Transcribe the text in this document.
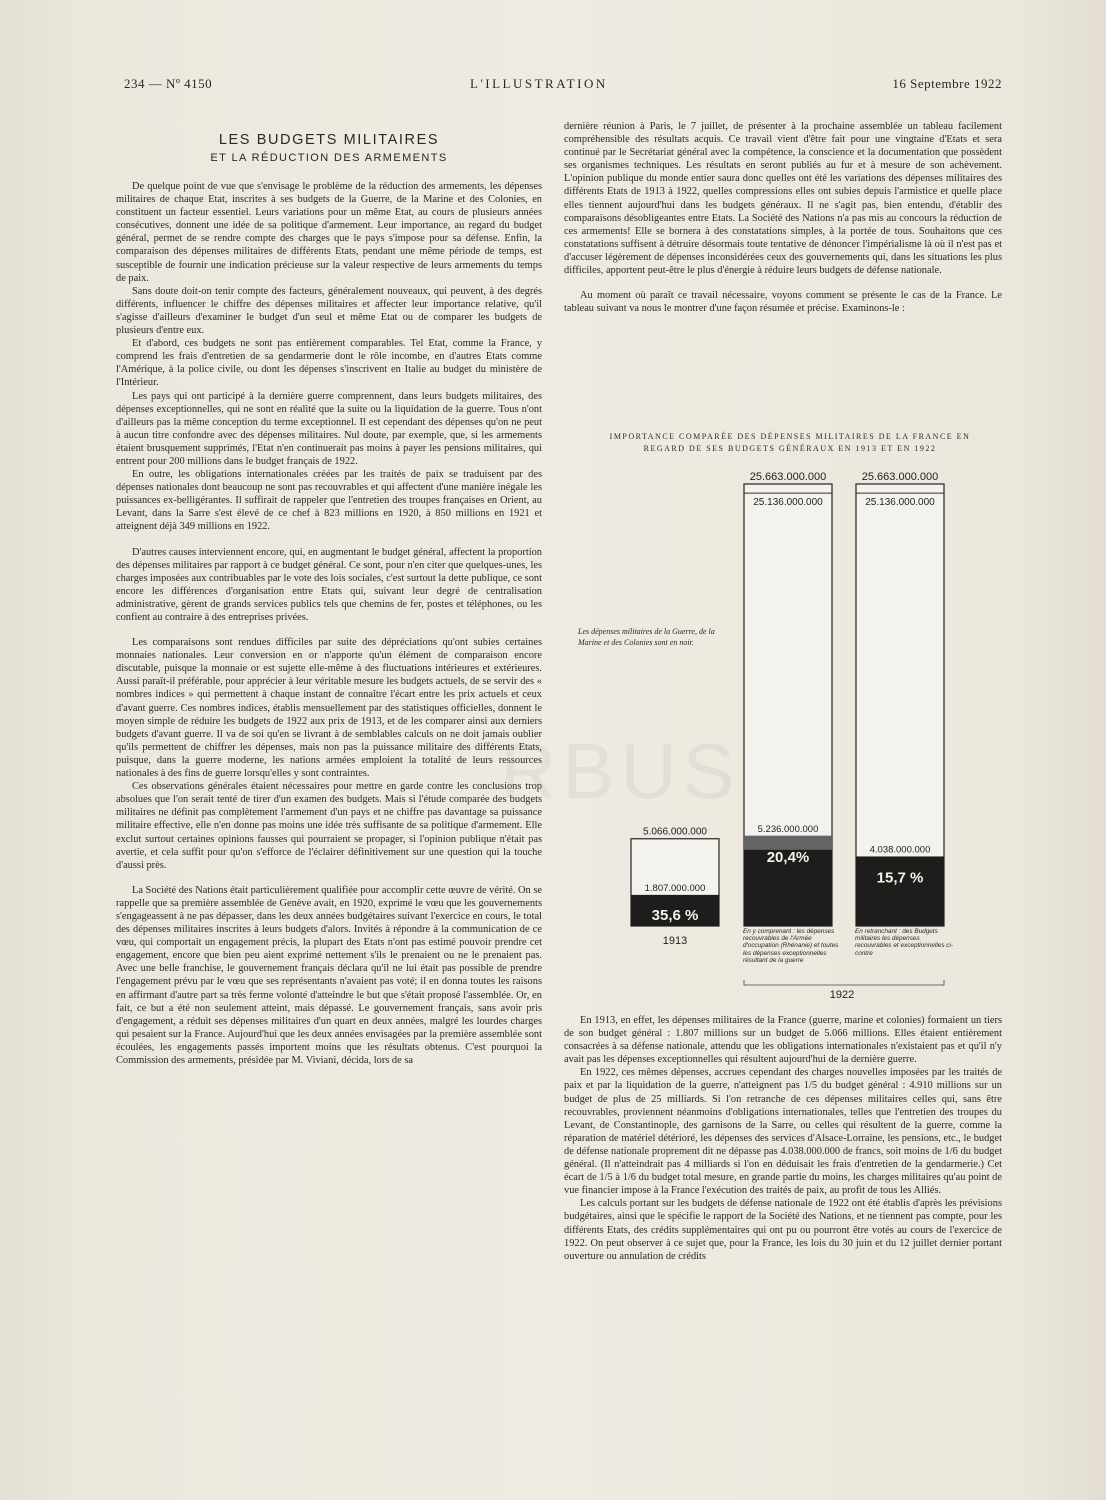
234 — Nº 4150	L'ILLUSTRATION	16 Septembre 1922
LES BUDGETS MILITAIRES
ET LA RÉDUCTION DES ARMEMENTS

De quelque point de vue que s'envisage le problème de la réduction des armements, les dépenses militaires de chaque Etat, inscrites à ses budgets de la Guerre, de la Marine et des Colonies, en constituent un facteur essentiel. Leurs variations pour un même Etat, au cours de plusieurs années consécutives, donnent une idée de sa politique d'armement. Leur importance, au regard du budget général, permet de se rendre compte des charges que le pays s'impose pour sa défense. Enfin, la comparaison des dépenses militaires de différents Etats, pendant une même période de temps, est susceptible de fournir une indication précieuse sur la valeur respective de leurs armements du temps de paix.

Sans doute doit-on tenir compte des facteurs, généralement nouveaux, qui peuvent, à des degrés différents, influencer le chiffre des dépenses militaires et affecter leur importance relative, qu'il s'agisse d'ailleurs d'examiner le budget d'un seul et même Etat ou de comparer les budgets de plusieurs d'entre eux.

Et d'abord, ces budgets ne sont pas entièrement comparables. Tel Etat, comme la France, y comprend les frais d'entretien de sa gendarmerie dont le rôle incombe, en d'autres Etats comme l'Amérique, à la police civile, ou dont les dépenses s'inscrivent en Italie au budget du ministère de l'Intérieur.

Les pays qui ont participé à la dernière guerre comprennent, dans leurs budgets militaires, des dépenses exceptionnelles, qui ne sont en réalité que la suite ou la liquidation de la guerre. Tous n'ont d'ailleurs pas la même conception du terme exceptionnel. Il est cependant des dépenses qu'on ne peut à aucun titre confondre avec des dépenses militaires. Nul doute, par exemple, que, si les armements étaient brusquement supprimés, l'Etat n'en continuerait pas moins à payer les pensions militaires, qui entrent pour 200 millions dans le budget français de 1922.

En outre, les obligations internationales créées par les traités de paix se traduisent par des dépenses nationales dont beaucoup ne sont pas recouvrables et qui affectent d'une manière inégale les puissances ex-belligérantes. Il suffirait de rappeler que l'entretien des troupes françaises en Orient, au Levant, dans la Sarre s'est élevé de ce chef à 823 millions en 1920, à 850 millions en 1921 et atteignent déjà 349 millions en 1922.

D'autres causes interviennent encore, qui, en augmentant le budget général, affectent la proportion des dépenses militaires par rapport à ce budget général. Ce sont, pour n'en citer que quelques-unes, les charges imposées aux contribuables par le vote des lois sociales, c'est surtout la dette publique, ce sont encore les différences d'organisation entre Etats qui, suivant leur degré de centralisation administrative, gèrent de grands services publics tels que chemins de fer, postes et téléphones, ou les confient au contraire à des entreprises privées.

Les comparaisons sont rendues difficiles par suite des dépréciations qu'ont subies certaines monnaies nationales. Leur conversion en or n'apporte qu'un élément de comparaison encore discutable, puisque la monnaie or est sujette elle-même à des fluctuations intérieures et extérieures. Aussi paraît-il préférable, pour apprécier à leur véritable mesure les budgets actuels, de se servir des « nombres indices » qui permettent à chaque instant de connaître l'écart entre les prix actuels et ceux d'avant guerre. Ces nombres indices, établis mensuellement par des statistiques officielles, donnent le moyen simple de réduire les budgets de 1922 aux prix de 1913, et de les comparer ainsi aux derniers budgets d'avant guerre. Il va de soi qu'en se livrant à de semblables calculs on ne doit jamais oublier qu'ils permettent de chiffrer les dépenses, mais non pas la puissance militaire des différents Etats, puisque, dans la guerre moderne, les nations armées emploient la totalité de leurs ressources nationales à des fins de guerre lorsqu'elles y sont contraintes.

Ces observations générales étaient nécessaires pour mettre en garde contre les conclusions trop absolues que l'on serait tenté de tirer d'un examen des budgets. Mais si l'étude comparée des budgets militaires ne définit pas complètement l'armement d'un pays et ne chiffre pas davantage sa puissance militaire effective, elle n'en donne pas moins une idée très suffisante de sa politique d'armement. Elle exclut surtout certaines opinions fausses qui pourraient se propager, si l'opinion publique n'était pas avertie, et cela suffit pour qu'on s'efforce de l'éclairer définitivement sur une question qui la touche d'aussi près.

La Société des Nations était particulièrement qualifiée pour accomplir cette œuvre de vérité. On se rappelle que sa première assemblée de Genève avait, en 1920, exprimé le vœu que les gouvernements s'engageassent à ne pas dépasser, dans les deux années budgétaires suivant l'exercice en cours, le total des dépenses militaires inscrites à leurs budgets d'alors. Invités à répondre à la communication de ce vœu, qui comportait un engagement précis, la plupart des Etats n'ont pas estimé pouvoir prendre cet engagement, encore que bien peu aient exprimé nettement s'ils le prenaient ou ne le prenaient pas. Avec une belle franchise, le gouvernement français déclara qu'il ne lui était pas possible de prendre l'engagement prévu par le vœu que ses représentants n'avaient pas voté; il en donna toutes les raisons en affirmant d'autre part sa très ferme volonté d'atteindre le but que s'était proposé l'assemblée. Or, en fait, ce but a été non seulement atteint, mais dépassé. Le gouvernement français, sans avoir pris d'engagement, a réduit ses dépenses militaires d'un quart en deux années, malgré les lourdes charges qui pesaient sur la France. Aujourd'hui que les deux années envisagées par la première assemblée sont écoulées, les engagements passés importent moins que les résultats obtenus. C'est pourquoi la Commission des armements, présidée par M. Viviani, décida, lors de sa

dernière réunion à Paris, le 7 juillet, de présenter à la prochaine assemblée un tableau facilement compréhensible des résultats acquis. Ce travail vient d'être fait pour une vingtaine d'Etats et sera continué par le Secrétariat général avec la compétence, la conscience et la documentation que possèdent ses organismes techniques. Les résultats en seront publiés au fur et à mesure de son achèvement. L'opinion publique du monde entier saura donc quelles ont été les variations des dépenses militaires des différents Etats de 1913 à 1922, quelles compressions elles ont subies depuis l'armistice et quelle place elles tiennent aujourd'hui dans les budgets généraux. Il ne s'agit pas, bien entendu, d'établir des comparaisons désobligeantes entre Etats. La Société des Nations n'a pas mis au concours la réduction de ces armements! Elle se bornera à des constatations simples, à la portée de tous. Souhaitons que ces constatations suffisent à détruire désormais toute tentative de dénoncer l'impérialisme là où il n'est pas et d'accuser légèrement de dépenses inconsidérées ceux des gouvernements qui, dans les situations les plus difficiles, apportent peut-être le plus d'énergie à réduire leurs budgets de défense nationale.

Au moment où paraît ce travail nécessaire, voyons comment se présente le cas de la France. Le tableau suivant va nous le montrer d'une façon résumée et précise. Examinons-le :

IMPORTANCE COMPARÉE DES DÉPENSES MILITAIRES DE LA FRANCE EN REGARD DE SES BUDGETS GÉNÉRAUX EN 1913 ET EN 1922
Les dépenses militaires de la Guerre, de la Marine et des Colonies sont en noir.
5.066.000.000
1.807.000.000
35,6 %
25.663.000.000
25.136.000.000
5.236.000.000
20,4%
25.663.000.000
25.136.000.000
4.038.000.000
15,7 %
1913
1922
En y comprenant : les dépenses recouvrables de l'Armée d'occupation (Rhénanie) et toutes les dépenses exceptionnelles résultant de la guerre
En retranchant : des Budgets militaires les dépenses recouvrables et exceptionnelles ci-contre
RBUS

En 1913, en effet, les dépenses militaires de la France (guerre, marine et colonies) formaient un tiers de son budget général : 1.807 millions sur un budget de 5.066 millions. Elles étaient entièrement consacrées à sa défense nationale, attendu que les obligations internationales n'existaient pas et qu'il n'y avait pas les dépenses exceptionnelles qui résultent aujourd'hui de la dernière guerre.

En 1922, ces mêmes dépenses, accrues cependant des charges nouvelles imposées par les traités de paix et par la liquidation de la guerre, n'atteignent pas 1/5 du budget général : 4.910 millions sur un budget de plus de 25 milliards. Si l'on retranche de ces dépenses militaires celles qui, sans être recouvrables, proviennent néanmoins d'obligations internationales, telles que l'entretien des troupes du Levant, de Constantinople, des garnisons de la Sarre, ou celles qui résultent de la guerre, comme la réparation de matériel détérioré, les dépenses des services d'Alsace-Lorraine, les pensions, etc., le budget de défense nationale proprement dit ne dépasse pas 4.038.000.000 de francs, soit moins de 1/6 du budget général. (Il n'atteindrait pas 4 milliards si l'on en déduisait les frais d'entretien de la gendarmerie.) Cet écart de 1/5 à 1/6 du budget total mesure, en grande partie du moins, les charges militaires qu'au point de vue financier impose à la France l'exécution des traités de paix, au profit de tous les Alliés.

Les calculs portant sur les budgets de défense nationale de 1922 ont été établis d'après les prévisions budgétaires, ainsi que le spécifie le rapport de la Société des Nations, et ne tiennent pas compte, pour les différents Etats, des crédits supplémentaires qui ont pu ou pourront être votés au cours de l'exercice de 1922. On peut observer à ce sujet que, pour la France, les lois du 30 juin et du 12 juillet dernier portant ouverture ou annulation de crédits
